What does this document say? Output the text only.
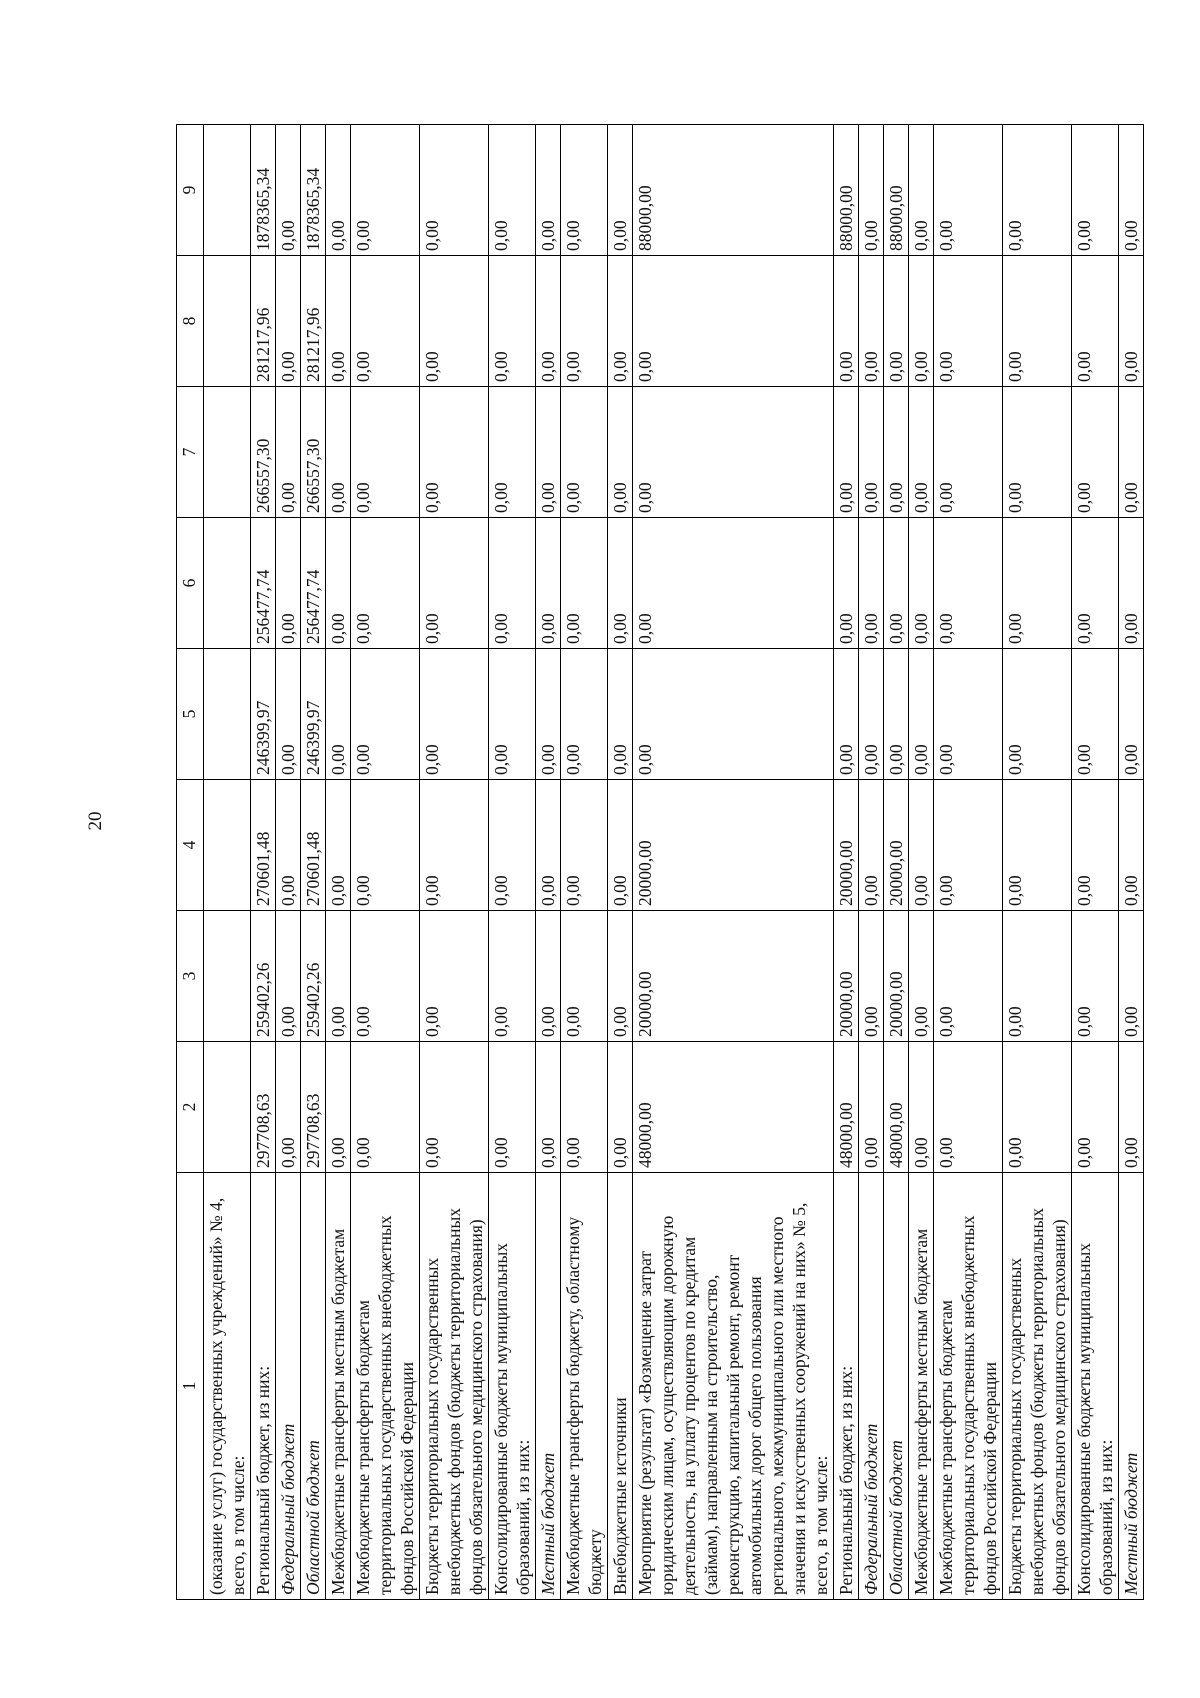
20
1	2	3	4	5	6	7	8	9
(оказание услуг) государственных учреждений» № 4, всего, в том числе:								
Региональный бюджет, из них:	297708,63	259402,26	270601,48	246399,97	256477,74	266557,30	281217,96	1878365,34
Федеральный бюджет	0,00	0,00	0,00	0,00	0,00	0,00	0,00	0,00
Областной бюджет	297708,63	259402,26	270601,48	246399,97	256477,74	266557,30	281217,96	1878365,34
Межбюджетные трансферты местным бюджетам	0,00	0,00	0,00	0,00	0,00	0,00	0,00	0,00
Межбюджетные трансферты бюджетам территориальных государственных внебюджетных фондов Российской Федерации	0,00	0,00	0,00	0,00	0,00	0,00	0,00	0,00
Бюджеты территориальных государственных внебюджетных фондов (бюджеты территориальных фондов обязательного медицинского страхования)	0,00	0,00	0,00	0,00	0,00	0,00	0,00	0,00
Консолидированные бюджеты муниципальных образований, из них:	0,00	0,00	0,00	0,00	0,00	0,00	0,00	0,00
Местный бюджет	0,00	0,00	0,00	0,00	0,00	0,00	0,00	0,00
Межбюджетные трансферты бюджету, областному бюджету	0,00	0,00	0,00	0,00	0,00	0,00	0,00	0,00
Внебюджетные источники	0,00	0,00	0,00	0,00	0,00	0,00	0,00	0,00
Мероприятие (результат) «Возмещение затрат юридическим лицам, осуществляющим дорожную деятельность, на уплату процентов по кредитам (займам), направленным на строительство, реконструкцию, капитальный ремонт, ремонт автомобильных дорог общего пользования регионального, межмуниципального или местного значения и искусственных сооружений на них» № 5, всего, в том числе:	48000,00	20000,00	20000,00	0,00	0,00	0,00	0,00	88000,00
Региональный бюджет, из них:	48000,00	20000,00	20000,00	0,00	0,00	0,00	0,00	88000,00
Федеральный бюджет	0,00	0,00	0,00	0,00	0,00	0,00	0,00	0,00
Областной бюджет	48000,00	20000,00	20000,00	0,00	0,00	0,00	0,00	88000,00
Межбюджетные трансферты местным бюджетам	0,00	0,00	0,00	0,00	0,00	0,00	0,00	0,00
Межбюджетные трансферты бюджетам территориальных государственных внебюджетных фондов Российской Федерации	0,00	0,00	0,00	0,00	0,00	0,00	0,00	0,00
Бюджеты территориальных государственных внебюджетных фондов (бюджеты территориальных фондов обязательного медицинского страхования)	0,00	0,00	0,00	0,00	0,00	0,00	0,00	0,00
Консолидированные бюджеты муниципальных образований, из них:	0,00	0,00	0,00	0,00	0,00	0,00	0,00	0,00
Местный бюджет	0,00	0,00	0,00	0,00	0,00	0,00	0,00	0,00
